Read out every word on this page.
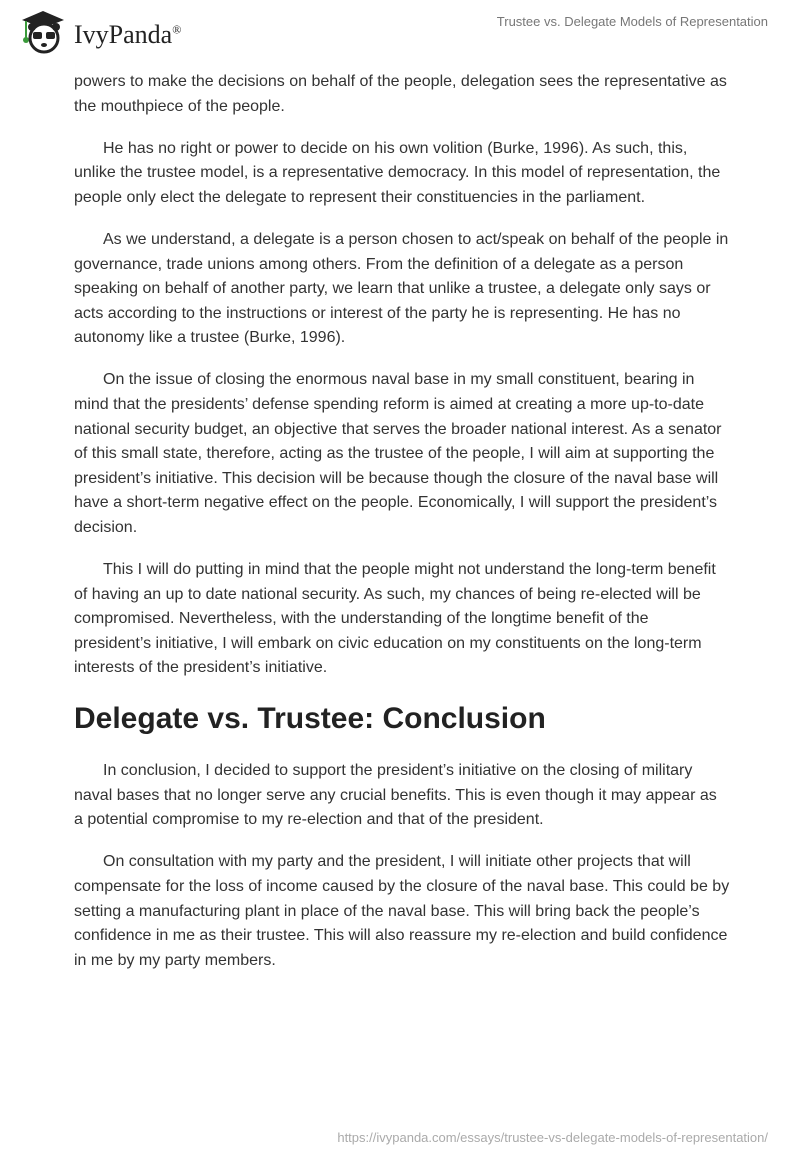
IvyPanda®
Trustee vs. Delegate Models of Representation

powers to make the decisions on behalf of the people, delegation sees the representative as the mouthpiece of the people.

He has no right or power to decide on his own volition (Burke, 1996). As such, this, unlike the trustee model, is a representative democracy. In this model of representation, the people only elect the delegate to represent their constituencies in the parliament.

As we understand, a delegate is a person chosen to act/speak on behalf of the people in governance, trade unions among others. From the definition of a delegate as a person speaking on behalf of another party, we learn that unlike a trustee, a delegate only says or acts according to the instructions or interest of the party he is representing. He has no autonomy like a trustee (Burke, 1996).

On the issue of closing the enormous naval base in my small constituent, bearing in mind that the presidents’ defense spending reform is aimed at creating a more up-to-date national security budget, an objective that serves the broader national interest. As a senator of this small state, therefore, acting as the trustee of the people, I will aim at supporting the president’s initiative. This decision will be because though the closure of the naval base will have a short-term negative effect on the people. Economically, I will support the president’s decision.

This I will do putting in mind that the people might not understand the long-term benefit of having an up to date national security. As such, my chances of being re-elected will be compromised. Nevertheless, with the understanding of the longtime benefit of the president’s initiative, I will embark on civic education on my constituents on the long-term interests of the president’s initiative.

Delegate vs. Trustee: Conclusion

In conclusion, I decided to support the president’s initiative on the closing of military naval bases that no longer serve any crucial benefits. This is even though it may appear as a potential compromise to my re-election and that of the president.

On consultation with my party and the president, I will initiate other projects that will compensate for the loss of income caused by the closure of the naval base. This could be by setting a manufacturing plant in place of the naval base. This will bring back the people’s confidence in me as their trustee. This will also reassure my re-election and build confidence in me by my party members.

https://ivypanda.com/essays/trustee-vs-delegate-models-of-representation/
